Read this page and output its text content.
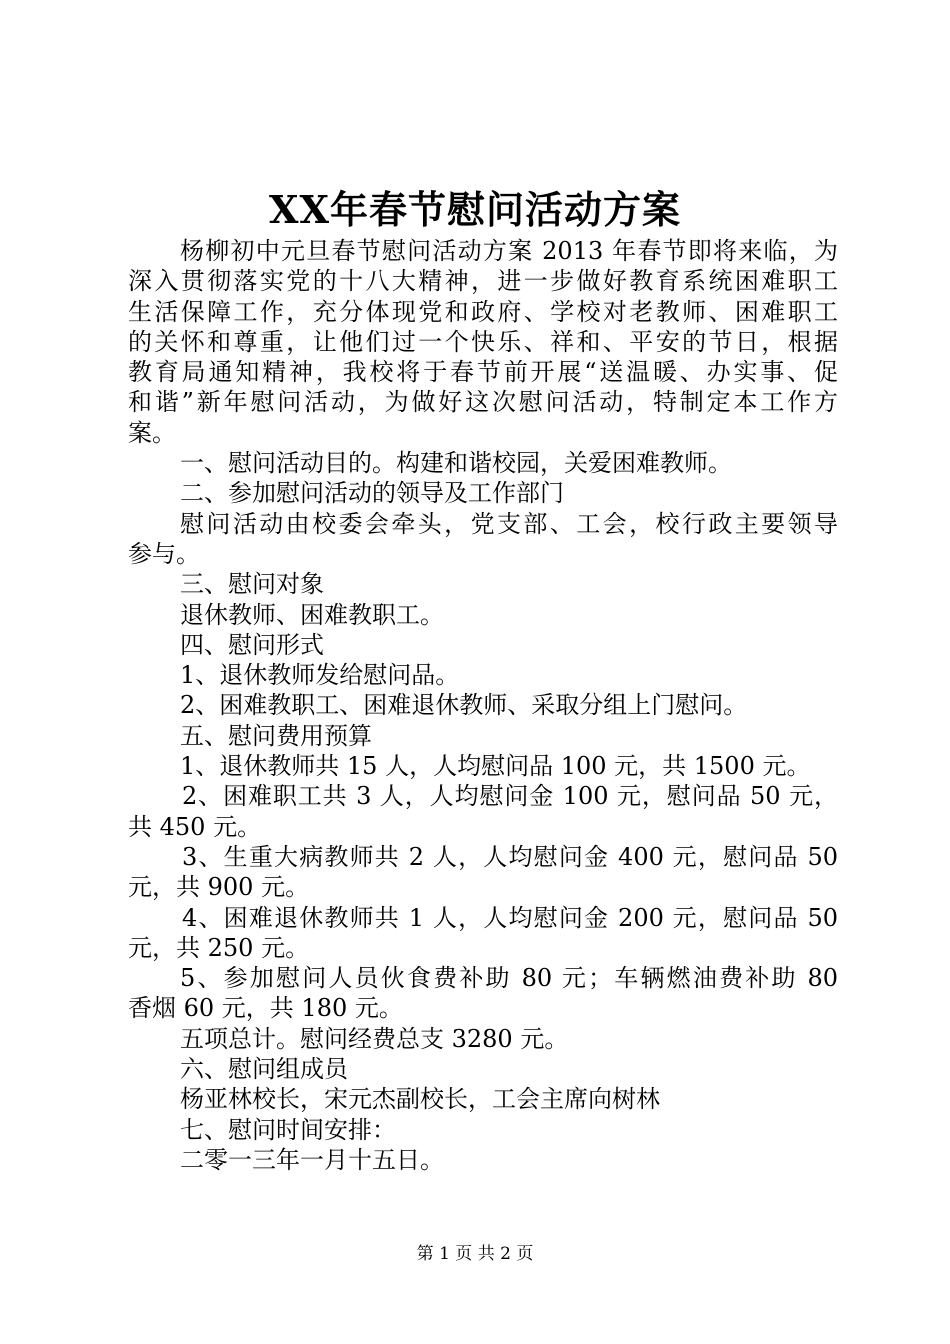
XX年春节慰问活动方案
杨柳初中元旦春节慰问活动方案 2013 年春节即将来临，为
深入贯彻落实党的十八大精神，进一步做好教育系统困难职工
生活保障工作，充分体现党和政府、学校对老教师、困难职工
的关怀和尊重，让他们过一个快乐、祥和、平安的节日，根据
教育局通知精神，我校将于春节前开展“送温暖、办实事、促
和谐”新年慰问活动，为做好这次慰问活动，特制定本工作方
案。
一、慰问活动目的。构建和谐校园，关爱困难教师。
二、参加慰问活动的领导及工作部门
慰问活动由校委会牵头，党支部、工会，校行政主要领导
参与。
三、慰问对象
退休教师、困难教职工。
四、慰问形式
1、退休教师发给慰问品。
2、困难教职工、困难退休教师、采取分组上门慰问。
五、慰问费用预算
1、退休教师共 15 人，人均慰问品 100 元，共 1500 元。
2、困难职工共 3 人，人均慰问金 100 元，慰问品 50 元，
共 450 元。
3、生重大病教师共 2 人，人均慰问金 400 元，慰问品 50
元，共 900 元。
4、困难退休教师共 1 人，人均慰问金 200 元，慰问品 50
元，共 250 元。
5、参加慰问人员伙食费补助 80 元；车辆燃油费补助 80
香烟 60 元，共 180 元。
五项总计。慰问经费总支 3280 元。
六、慰问组成员
杨亚林校长，宋元杰副校长，工会主席向树林
七、慰问时间安排：
二零一三年一月十五日。
第 1 页 共 2 页
